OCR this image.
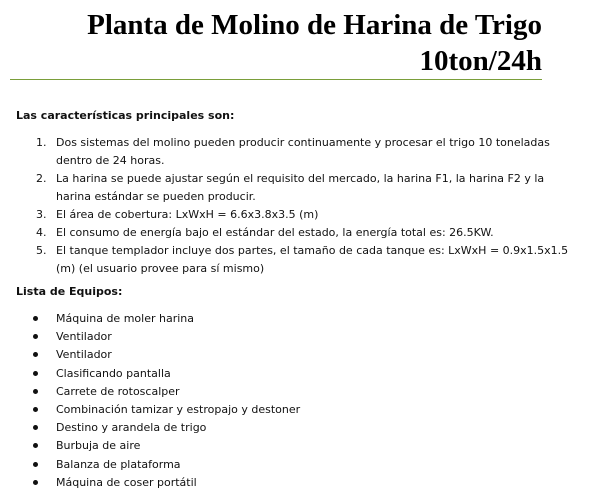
Planta de Molino de Harina de Trigo
10ton/24h

Las características principales son:

1. Dos sistemas del molino pueden producir continuamente y procesar el trigo 10 toneladas dentro de 24 horas.
2. La harina se puede ajustar según el requisito del mercado, la harina F1, la harina F2 y la harina estándar se pueden producir.
3. El área de cobertura: LxWxH = 6.6x3.8x3.5 (m)
4. El consumo de energía bajo el estándar del estado, la energía total es: 26.5KW.
5. El tanque templador incluye dos partes, el tamaño de cada tanque es: LxWxH = 0.9x1.5x1.5 (m) (el usuario provee para sí mismo)

Lista de Equipos:

Máquina de moler harina
Ventilador
Ventilador
Clasificando pantalla
Carrete de rotoscalper
Combinación tamizar y estropajo y destoner
Destino y arandela de trigo
Burbuja de aire
Balanza de plataforma
Máquina de coser portátil
